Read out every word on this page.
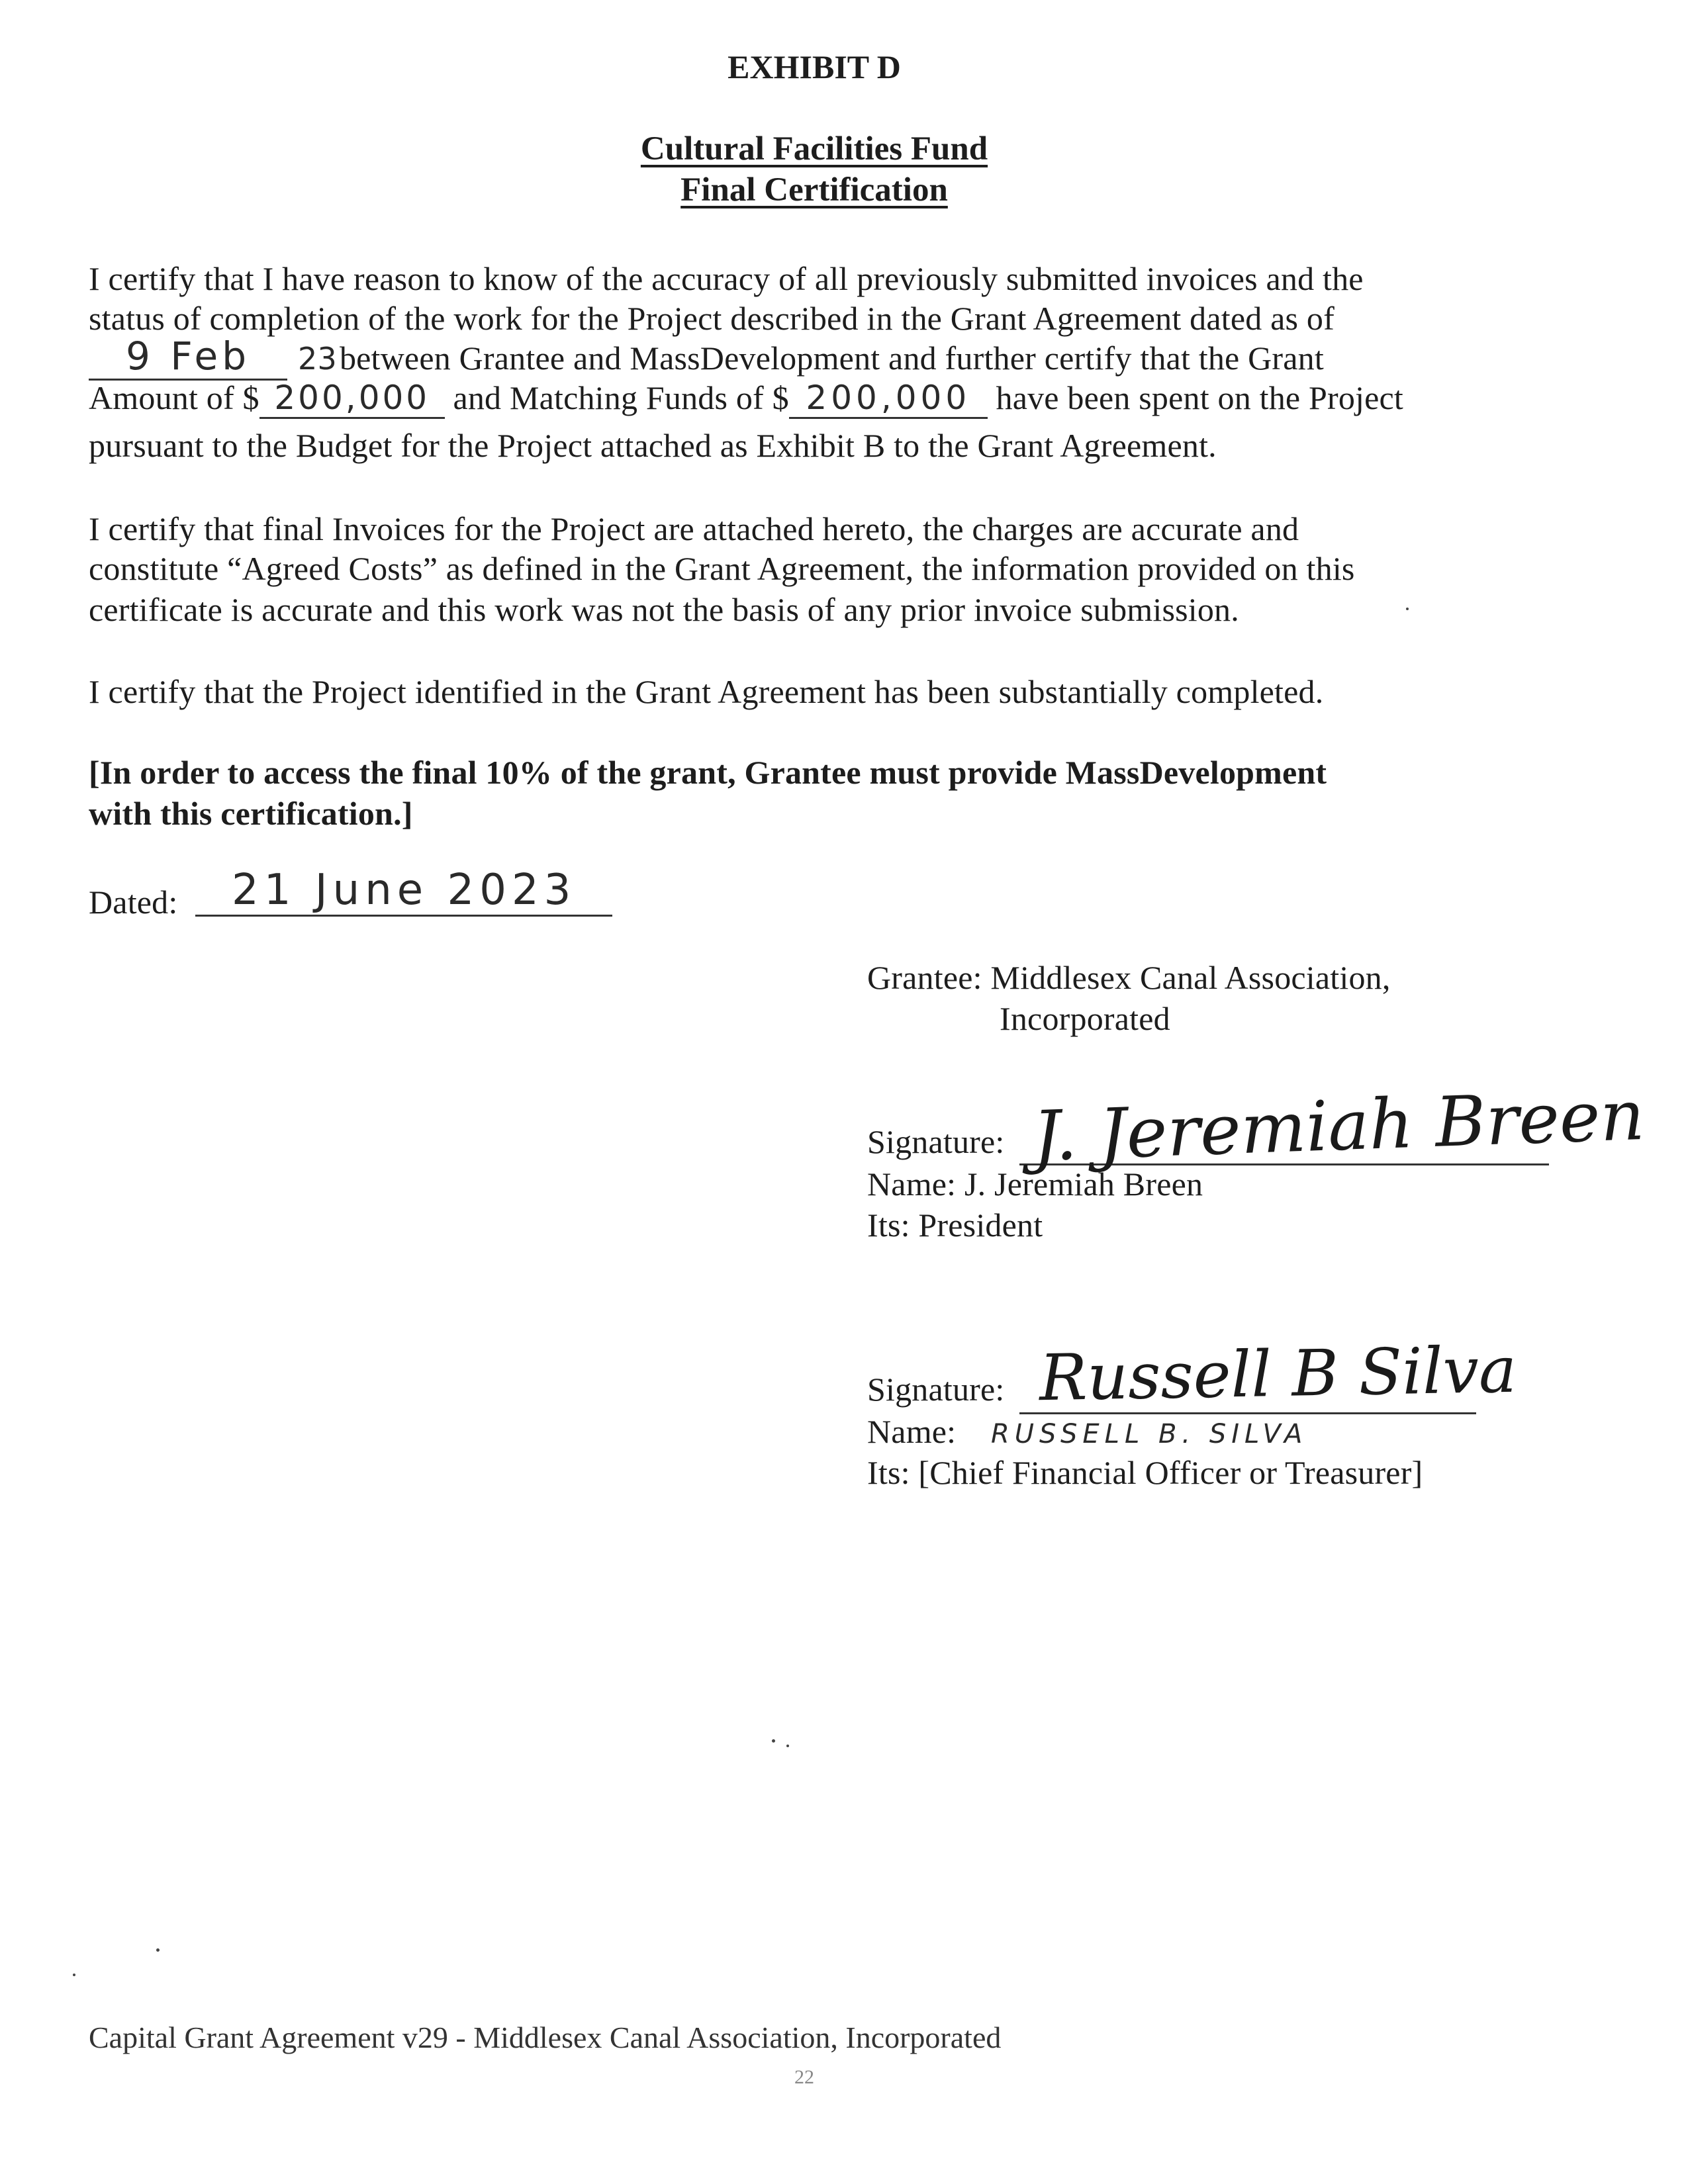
EXHIBIT D
Cultural Facilities Fund
Final Certification
I certify that I have reason to know of the accuracy of all previously submitted invoices and the
status of completion of the work for the Project described in the Grant Agreement dated as of
9 Feb 23between Grantee and MassDevelopment and further certify that the Grant
Amount of $ 200,000 and Matching Funds of $ 200,000 have been spent on the Project
pursuant to the Budget for the Project attached as Exhibit B to the Grant Agreement.
I certify that final Invoices for the Project are attached hereto, the charges are accurate and
constitute “Agreed Costs” as defined in the Grant Agreement, the information provided on this
certificate is accurate and this work was not the basis of any prior invoice submission.
I certify that the Project identified in the Grant Agreement has been substantially completed.
[In order to access the final 10% of the grant, Grantee must provide MassDevelopment
with this certification.]
Dated: 21 June 2023
Grantee: Middlesex Canal Association,
Incorporated
Signature: J. Jeremiah Breen
Name: J. Jeremiah Breen
Its: President
Signature: Russell B Silva
Name: RUSSELL B. SILVA
Its: [Chief Financial Officer or Treasurer]
Capital Grant Agreement v29 - Middlesex Canal Association, Incorporated
22
